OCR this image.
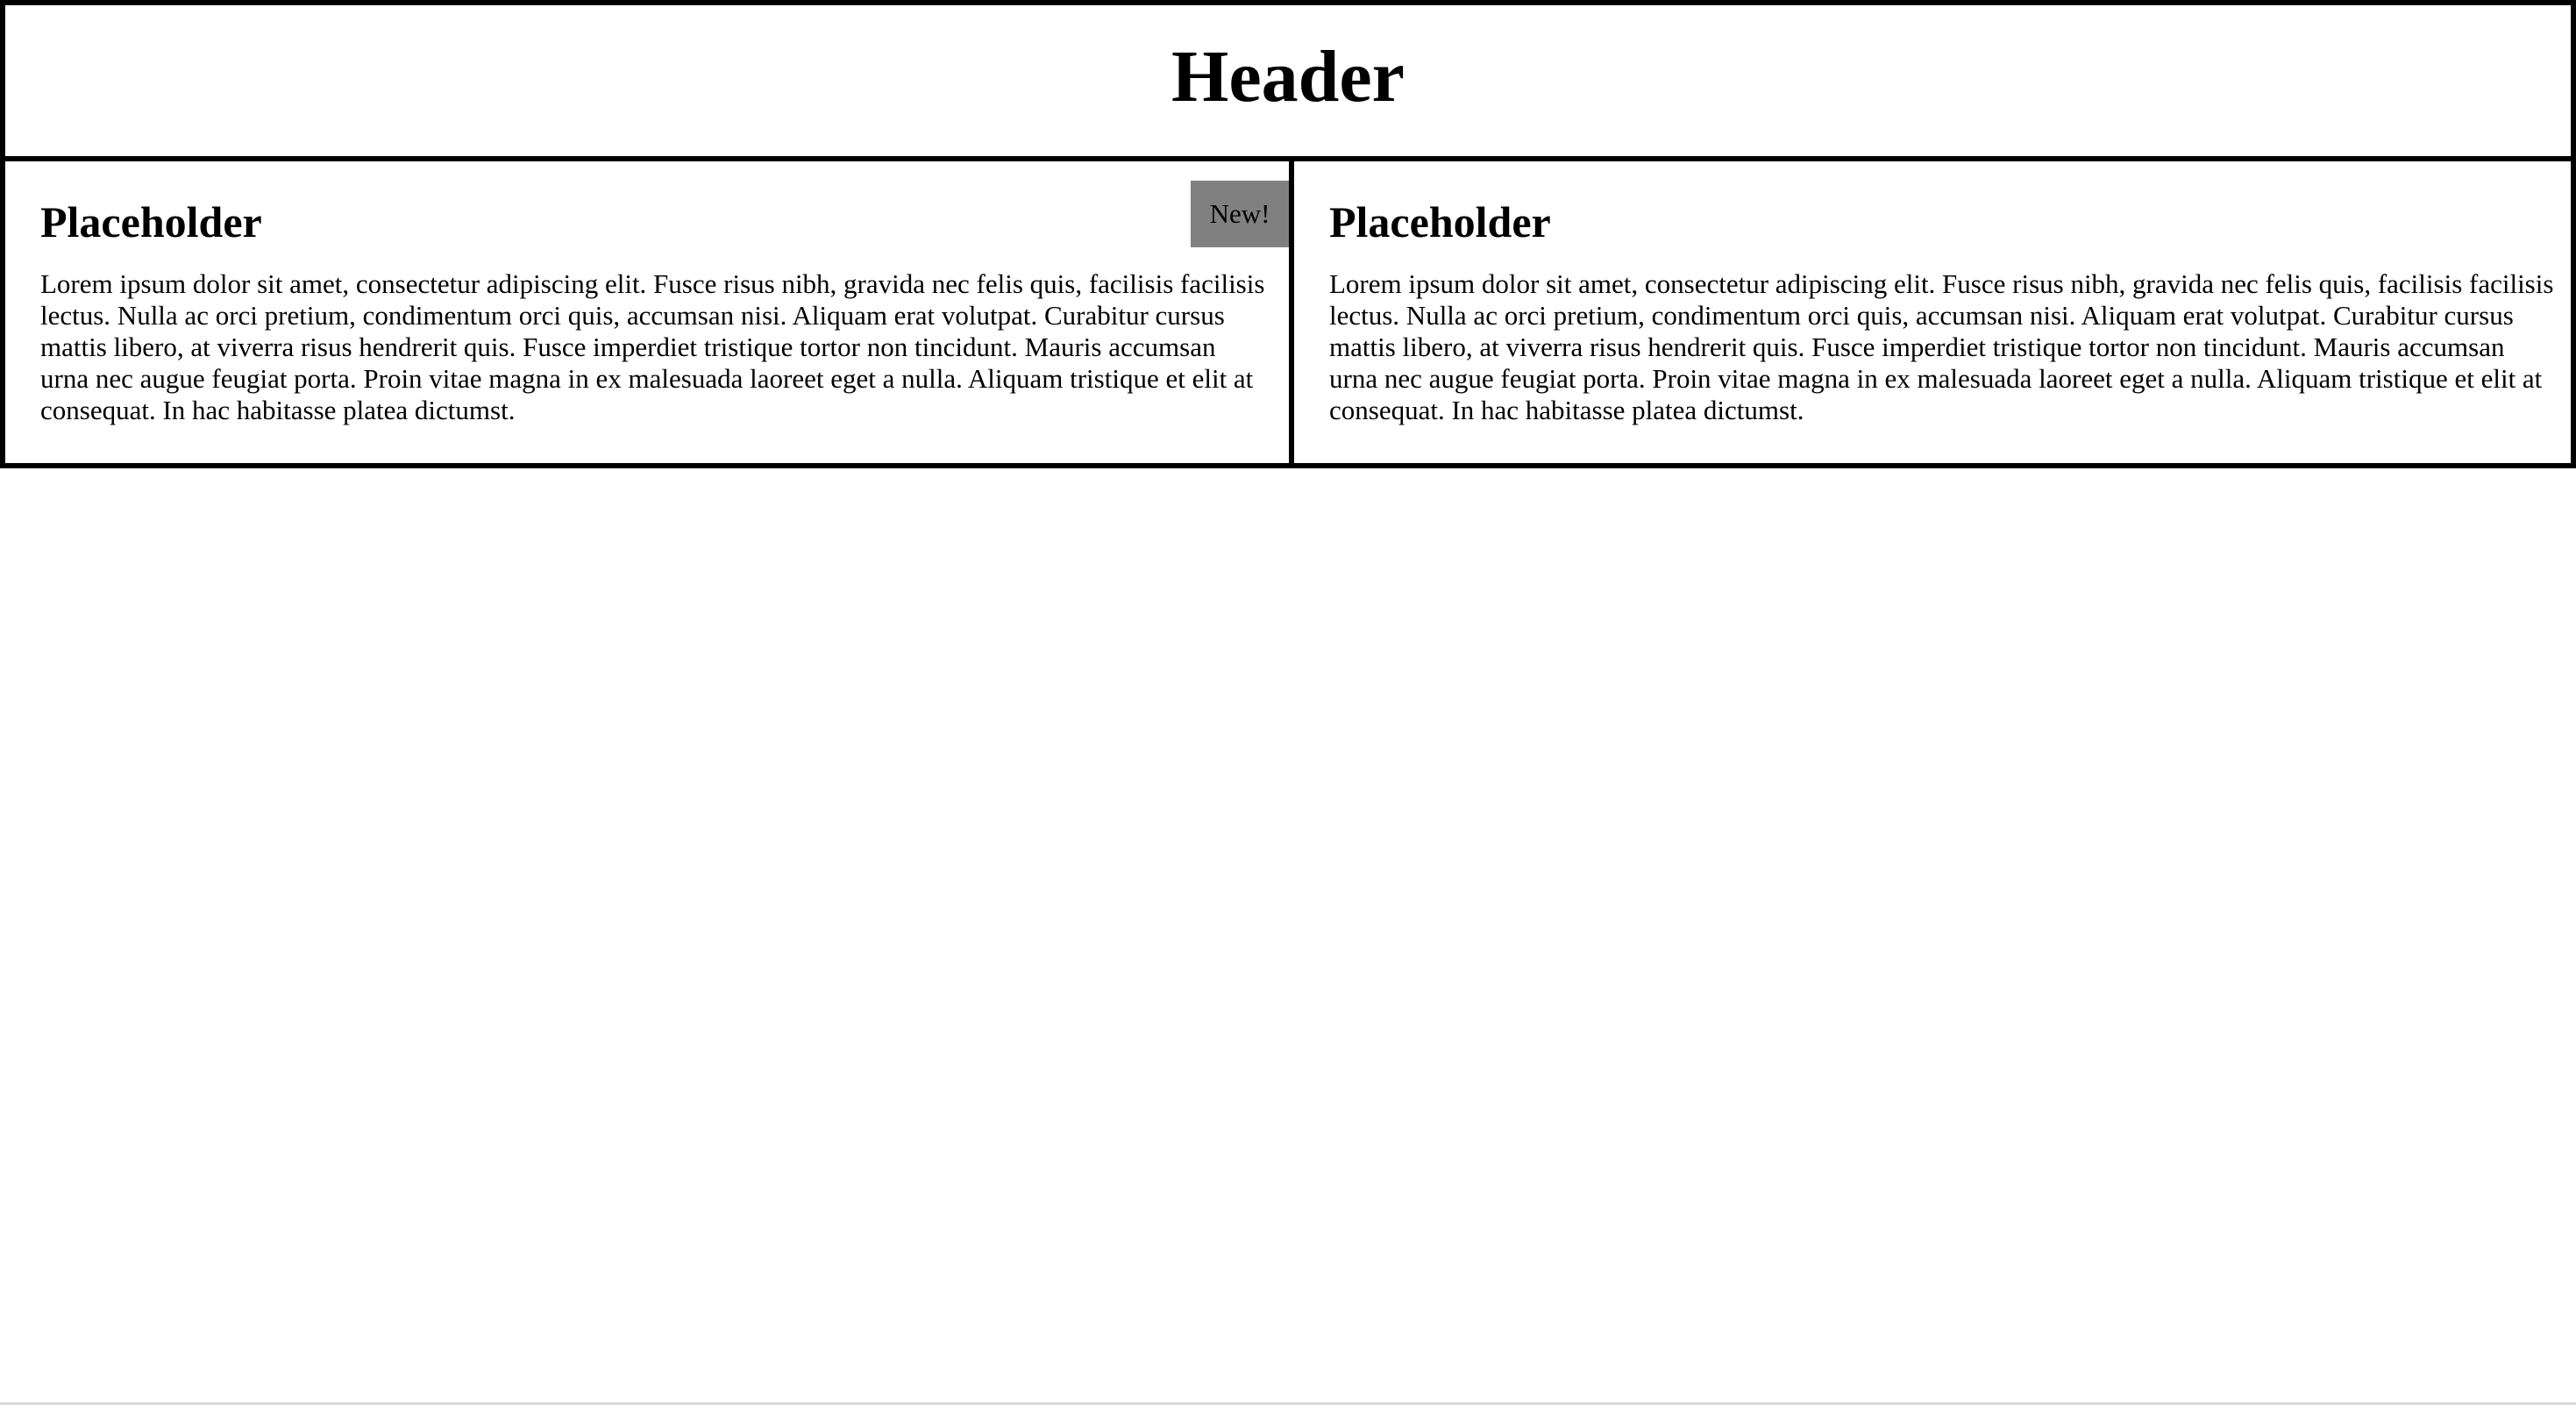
Header
New!
Placeholder

Lorem ipsum dolor sit amet, consectetur adipiscing elit. Fusce risus nibh, gravida nec felis quis, facilisis facilisis lectus. Nulla ac orci pretium, condimentum orci quis, accumsan nisi. Aliquam erat volutpat. Curabitur cursus mattis libero, at viverra risus hendrerit quis. Fusce imperdiet tristique tortor non tincidunt. Mauris accumsan urna nec augue feugiat porta. Proin vitae magna in ex malesuada laoreet eget a nulla. Aliquam tristique et elit at consequat. In hac habitasse platea dictumst.

Placeholder

Lorem ipsum dolor sit amet, consectetur adipiscing elit. Fusce risus nibh, gravida nec felis quis, facilisis facilisis lectus. Nulla ac orci pretium, condimentum orci quis, accumsan nisi. Aliquam erat volutpat. Curabitur cursus mattis libero, at viverra risus hendrerit quis. Fusce imperdiet tristique tortor non tincidunt. Mauris accumsan urna nec augue feugiat porta. Proin vitae magna in ex malesuada laoreet eget a nulla. Aliquam tristique et elit at consequat. In hac habitasse platea dictumst.
